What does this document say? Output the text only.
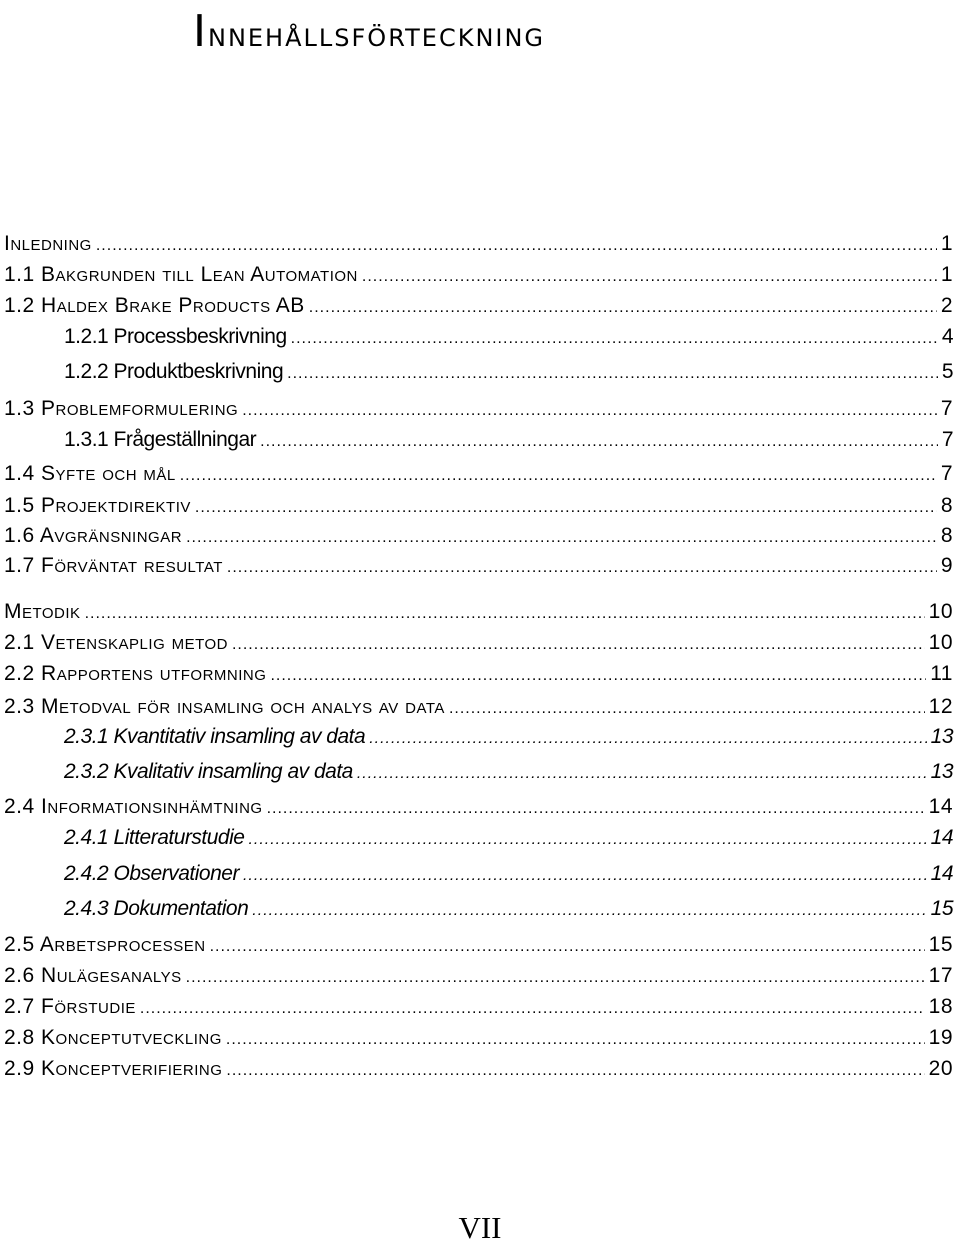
Innehållsförteckning
Inledning .....	1
1.1 Bakgrunden till Lean Automation .....	1
1.2 Haldex Brake Products AB .....	2
1.2.1 Processbeskrivning .....	4
1.2.2 Produktbeskrivning .....	5
1.3 Problemformulering .....	7
1.3.1 Frågeställningar .....	7
1.4 Syfte och mål .....	7
1.5 Projektdirektiv .....	8
1.6 Avgränsningar .....	8
1.7 Förväntat resultat .....	9
Metodik .....	10
2.1 Vetenskaplig metod .....	10
2.2 Rapportens utformning .....	11
2.3 Metodval för insamling och analys av data .....	12
2.3.1 Kvantitativ insamling av data .....	13
2.3.2 Kvalitativ insamling av data .....	13
2.4 Informationsinhämtning .....	14
2.4.1 Litteraturstudie .....	14
2.4.2 Observationer .....	14
2.4.3 Dokumentation .....	15
2.5 Arbetsprocessen .....	15
2.6 Nulägesanalys .....	17
2.7 Förstudie .....	18
2.8 Konceptutveckling .....	19
2.9 Konceptverifiering .....	20
VII
